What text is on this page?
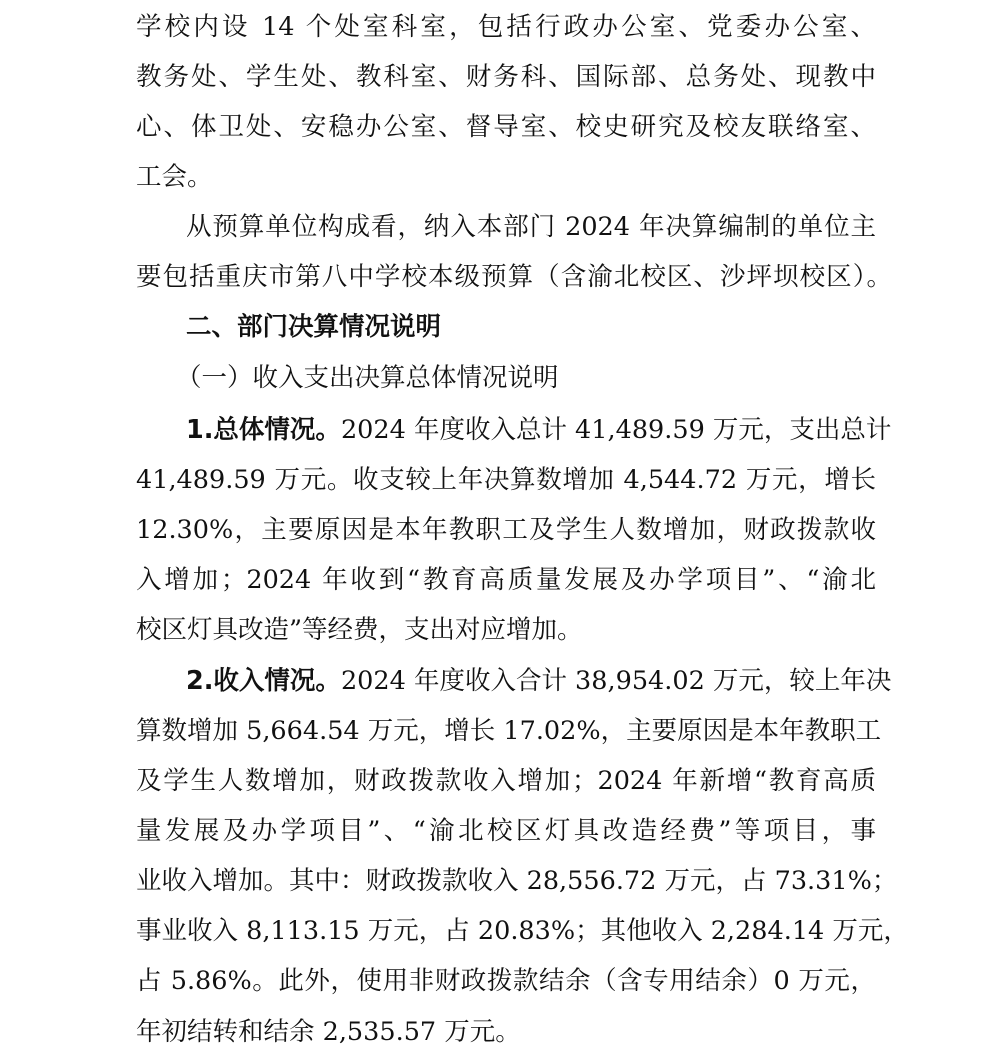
学校内设 14 个处室科室，包括行政办公室、党委办公室、
教务处、学生处、教科室、财务科、国际部、总务处、现教中
心、体卫处、安稳办公室、督导室、校史研究及校友联络室、
工会。
从预算单位构成看，纳入本部门 2024 年决算编制的单位主
要包括重庆市第八中学校本级预算（含渝北校区、沙坪坝校区）。
二、部门决算情况说明
（一）收入支出决算总体情况说明
1.总体情况。2024 年度收入总计 41,489.59 万元，支出总计
41,489.59 万元。收支较上年决算数增加 4,544.72 万元，增长
12.30%，主要原因是本年教职工及学生人数增加，财政拨款收
入增加；2024 年收到“教育高质量发展及办学项目”、“渝北
校区灯具改造”等经费，支出对应增加。
2.收入情况。2024 年度收入合计 38,954.02 万元，较上年决
算数增加 5,664.54 万元，增长 17.02%，主要原因是本年教职工
及学生人数增加，财政拨款收入增加；2024 年新增“教育高质
量发展及办学项目”、“渝北校区灯具改造经费”等项目，事
业收入增加。其中：财政拨款收入 28,556.72 万元，占 73.31%；
事业收入 8,113.15 万元，占 20.83%；其他收入 2,284.14 万元，
占 5.86%。此外，使用非财政拨款结余（含专用结余）0 万元，
年初结转和结余 2,535.57 万元。
